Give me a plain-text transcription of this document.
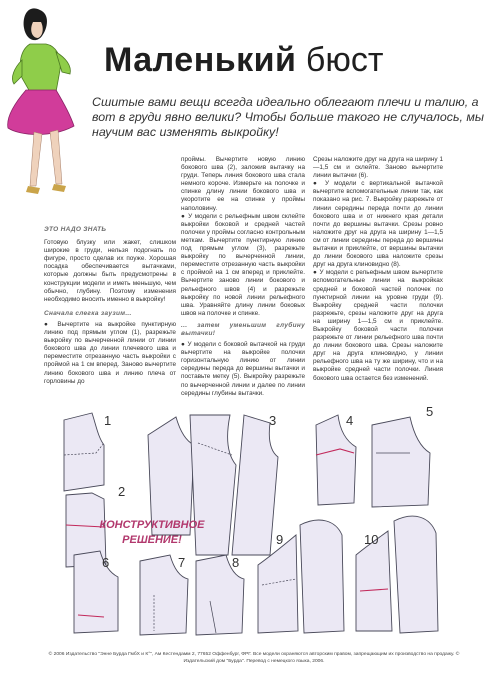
Маленький бюст
Сшитые вами вещи всегда идеально облегают плечи и талию, а вот в груди явно велики? Чтобы больше такого не случалось, мы научим вас изменять выкройку!
ЭТО НАДО ЗНАТЬ

Готовую блузку или жакет, слишком широкие в груди, нельзя подогнать по фигуре, просто сделав их поуже. Хорошая посадка обеспечивается вытачками, которые должны быть предусмотрены в конструкции модели и иметь меньшую, чем обычно, глубину. Поэтому изменения необходимо вносить именно в выкройку!

Сначала слегка заузим...

● Вычертите на выкройке пунктирную линию под прямым углом (1), разрежьте выкройку по вычерченной линии от линии бокового шва до линии плечевого шва и переместите отрезанную часть выкройки с проймой на 1 см вперед. Заново вычертите линию бокового шва и линию плеча от горловины до

проймы. Вычертите новую линию бокового шва (2), заложив вытачку на груди. Теперь линия бокового шва стала немного короче. Измерьте на полочке и спинке длину линии бокового шва и укоротите ее на спинке у проймы наполовину.

● У модели с рельефным швом склейте выкройки боковой и средней частей полочки у проймы согласно контрольным меткам. Вычертите пунктирную линию под прямым углом (3), разрежьте выкройку по вычерченной линии, переместите отрезанную часть выкройки с проймой на 1 см вперед и приклейте. Вычертите заново линии бокового и рельефного швов (4) и разрежьте выкройку по новой линии рельефного шва. Уравняйте длину линии боковых швов на полочке и спинке.

... затем уменьшим глубину вытачки!

● У модели с боковой вытачкой на груди вычертите на выкройке полочки горизонтальную линию от линии середины переда до вершины вытачки и поставьте метку (5). Выкройку разрежьте по вычерченной линии и далее по линии середины глубины вытачки.

Срезы наложите друг на друга на ширину 1—1,5 см и склейте. Заново вычертите линии вытачки (6).

● У модели с вертикальной вытачкой вычертите вспомогательные линии так, как показано на рис. 7. Выкройку разрежьте от линии середины переда почти до линии бокового шва и от нижнего края детали почти до вершины вытачки. Срезы ровно наложите друг на друга на ширину 1—1,5 см от линии середины переда до вершины вытачки и приклейте, от вершины вытачки до линии бокового шва наложите срезы друг на друга клиновидно (8).

● У модели с рельефным швом вычертите вспомогательные линии на выкройках средней и боковой частей полочек по пунктирной линии на уровне груди (9). Выкройку средней части полочки разрежьте, срезы наложите друг на друга на ширину 1—1,5 см и приклейте. Выкройку боковой части полочки разрежьте от линии рельефного шва почти до линии бокового шва. Срезы наложите друг на друга клиновидно, у линии рельефного шва на ту же ширину, что и на выкройке средней части полочки. Линия бокового шва остается без изменений.

1
2
3	4
5
6	7	8
9	10
КОНСТРУКТИВНОЕ РЕШЕНИЕ!
© 2006 Издательство "Энне Бурда ГмбХ и К°", Ам Кестендамм 2, 77652 Оффенбург, ФРГ. Все модели охраняются авторским правом, запрещающим их производство на продажу. © Издательский дом "Бурда". Перевод с немецкого языка, 2006.
